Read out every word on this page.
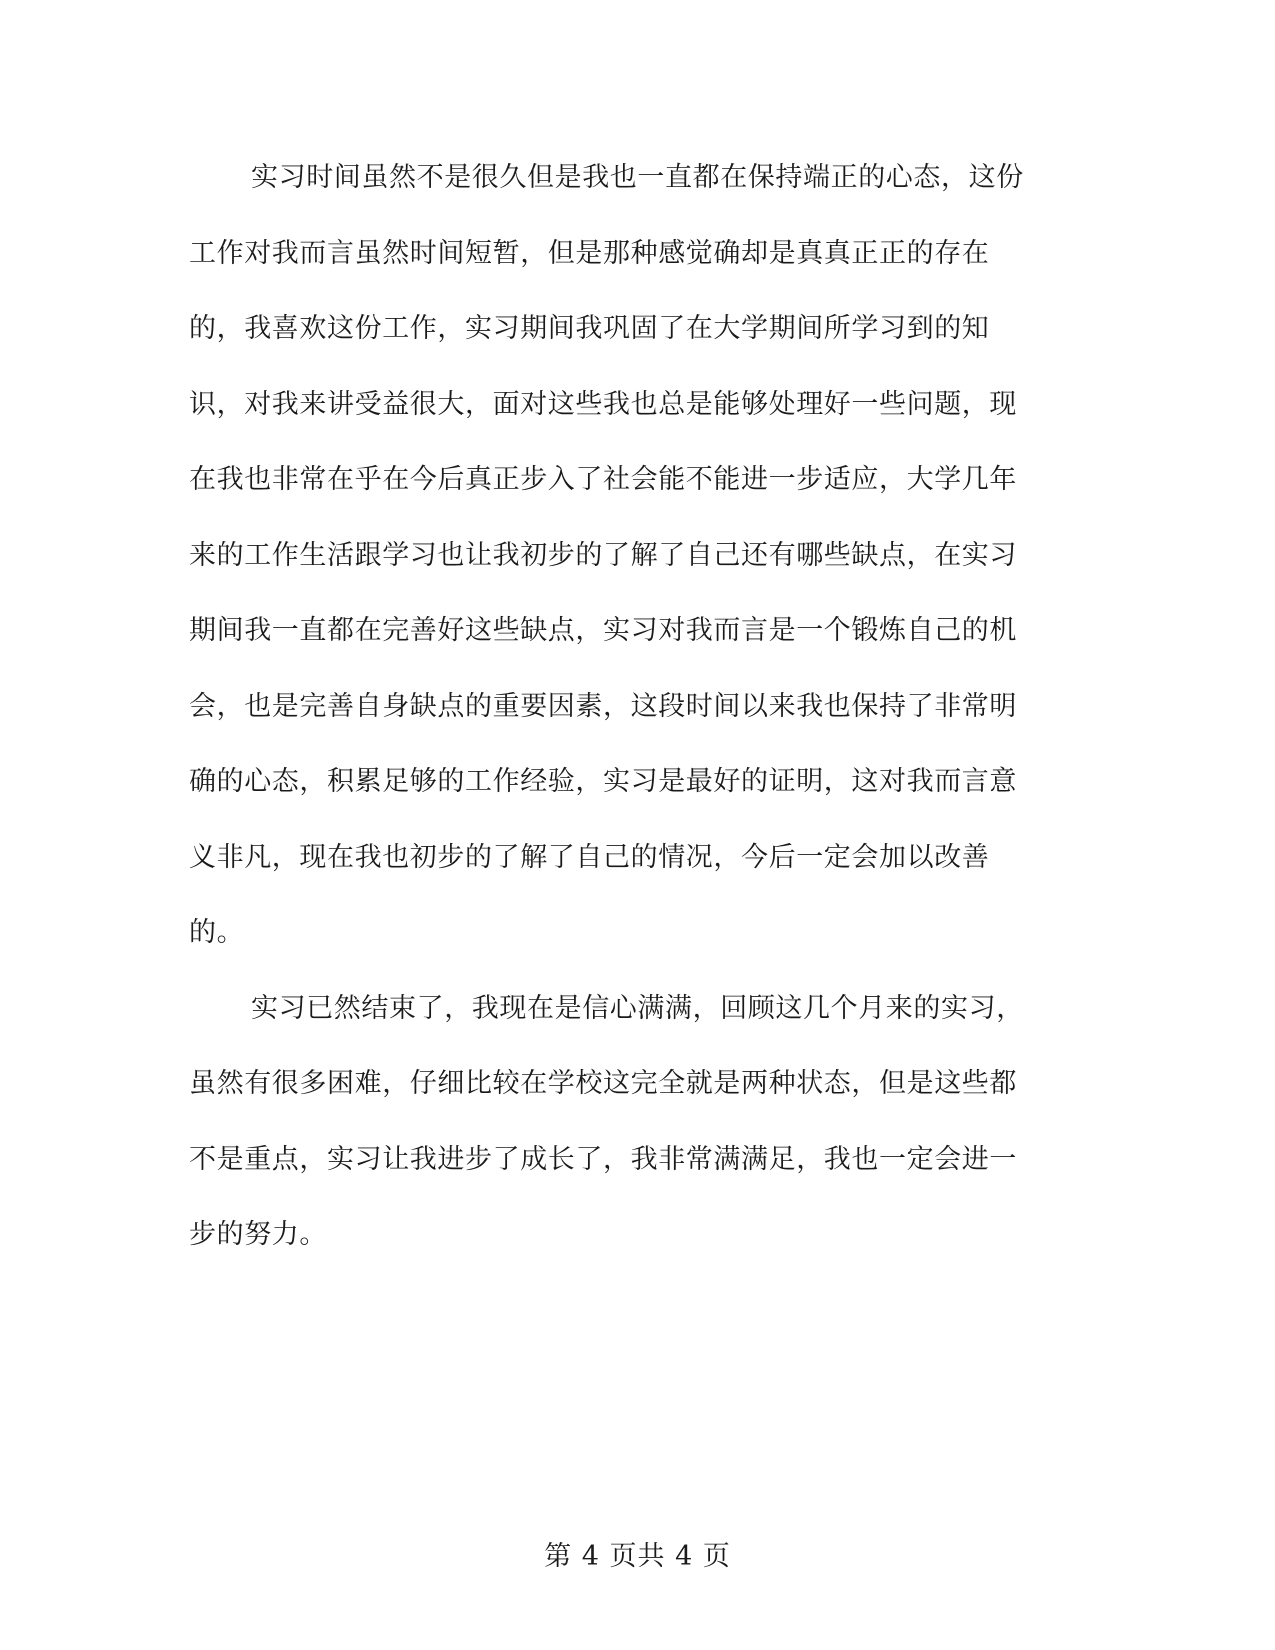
实习时间虽然不是很久但是我也一直都在保持端正的心态，这份
工作对我而言虽然时间短暂，但是那种感觉确却是真真正正的存在
的，我喜欢这份工作，实习期间我巩固了在大学期间所学习到的知
识，对我来讲受益很大，面对这些我也总是能够处理好一些问题，现
在我也非常在乎在今后真正步入了社会能不能进一步适应，大学几年
来的工作生活跟学习也让我初步的了解了自己还有哪些缺点，在实习
期间我一直都在完善好这些缺点，实习对我而言是一个锻炼自己的机
会，也是完善自身缺点的重要因素，这段时间以来我也保持了非常明
确的心态，积累足够的工作经验，实习是最好的证明，这对我而言意
义非凡，现在我也初步的了解了自己的情况，今后一定会加以改善
的。
实习已然结束了，我现在是信心满满，回顾这几个月来的实习，
虽然有很多困难，仔细比较在学校这完全就是两种状态，但是这些都
不是重点，实习让我进步了成长了，我非常满满足，我也一定会进一
步的努力。
第 4 页共 4 页
